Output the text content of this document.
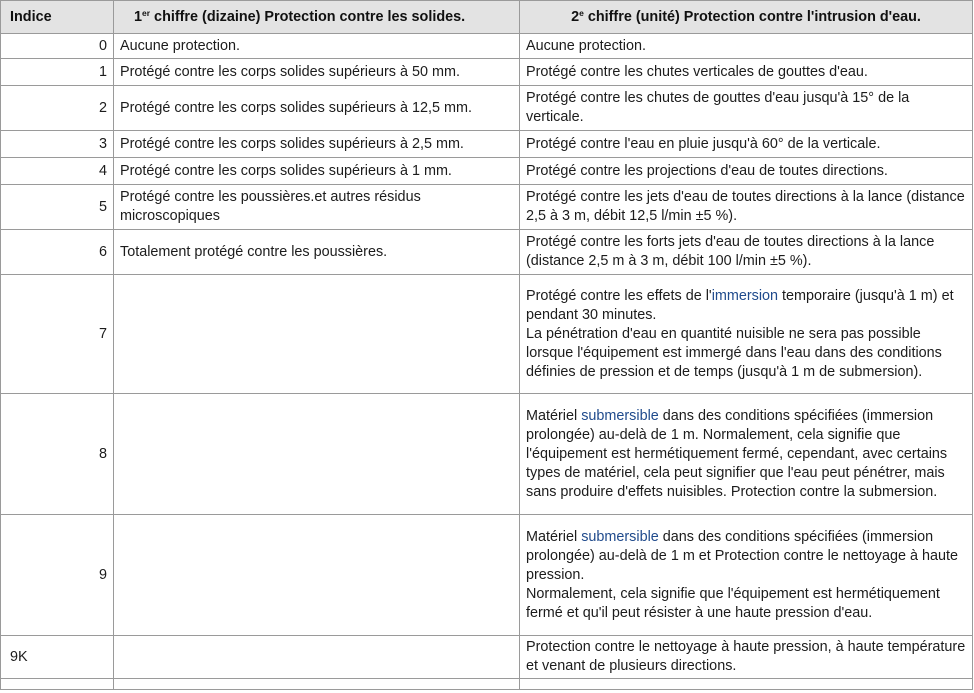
Indice	1er chiffre (dizaine) Protection contre les solides.	2e chiffre (unité) Protection contre l'intrusion d'eau.
0	Aucune protection.	Aucune protection.
1	Protégé contre les corps solides supérieurs à 50 mm.	Protégé contre les chutes verticales de gouttes d'eau.
2	Protégé contre les corps solides supérieurs à 12,5 mm.	Protégé contre les chutes de gouttes d'eau jusqu'à 15° de la verticale.
3	Protégé contre les corps solides supérieurs à 2,5 mm.	Protégé contre l'eau en pluie jusqu'à 60° de la verticale.
4	Protégé contre les corps solides supérieurs à 1 mm.	Protégé contre les projections d'eau de toutes directions.
5	Protégé contre les poussières.et autres résidus microscopiques	Protégé contre les jets d'eau de toutes directions à la lance (distance 2,5 à 3 m, débit 12,5 l/min ±5 %).
6	Totalement protégé contre les poussières.	Protégé contre les forts jets d'eau de toutes directions à la lance (distance 2,5 m à 3 m, débit 100 l/min ±5 %).
7		Protégé contre les effets de l'immersion temporaire (jusqu'à 1 m) et pendant 30 minutes.

La pénétration d'eau en quantité nuisible ne sera pas possible lorsque l'équipement est immergé dans l'eau dans des conditions définies de pression et de temps (jusqu'à 1 m de submersion).

8		Matériel submersible dans des conditions spécifiées (immersion prolongée) au-delà de 1 m. Normalement, cela signifie que l'équipement est hermétiquement fermé, cependant, avec certains types de matériel, cela peut signifier que l'eau peut pénétrer, mais sans produire d'effets nuisibles. Protection contre la submersion.
9		Matériel submersible dans des conditions spécifiées (immersion prolongée) au-delà de 1 m et Protection contre le nettoyage à haute pression.

Normalement, cela signifie que l'équipement est hermétiquement fermé et qu'il peut résister à une haute pression d'eau.

9K		Protection contre le nettoyage à haute pression, à haute température et venant de plusieurs directions.
